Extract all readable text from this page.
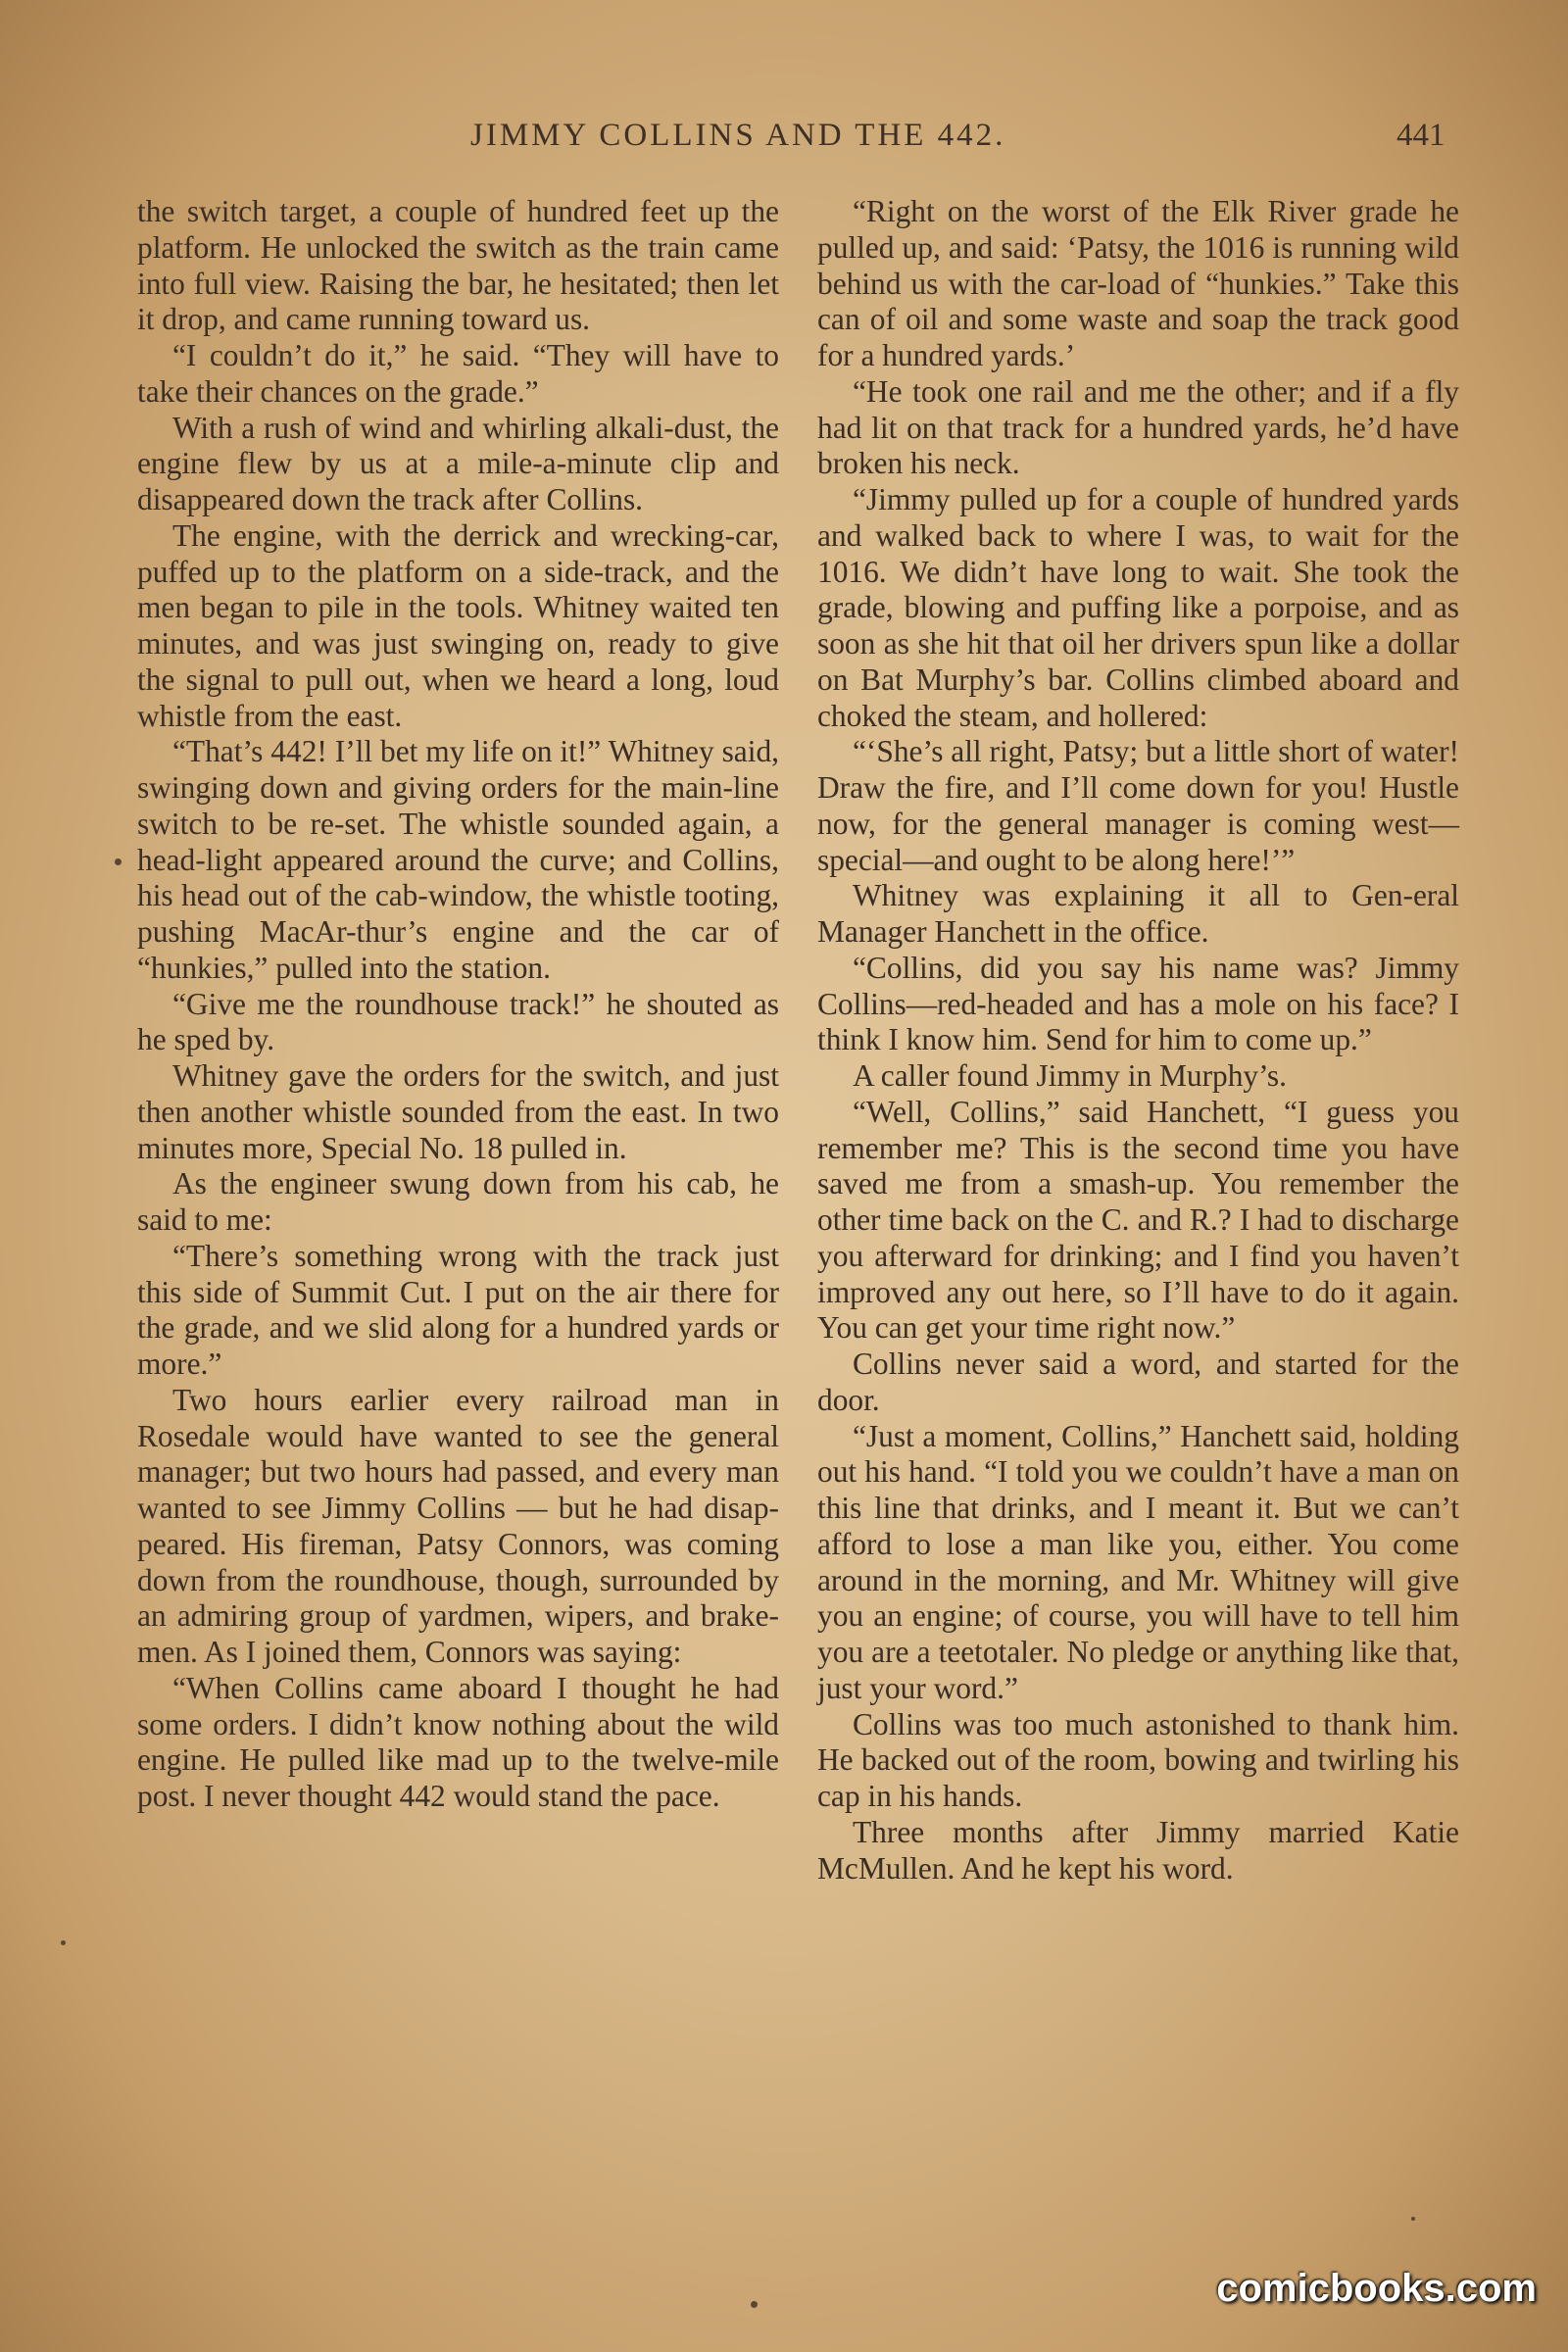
JIMMY COLLINS AND THE 442.	441

the switch target, a couple of hundred feet up the platform. He unlocked the switch as the train came into full view. Raising the bar, he hesitated; then let it drop, and came running toward us.

“I couldn’t do it,” he said. “They will have to take their chances on the grade.”

With a rush of wind and whirling alkali-dust, the engine flew by us at a mile-a-minute clip and disappeared down the track after Collins.

The engine, with the derrick and wrecking-car, puffed up to the platform on a side-track, and the men began to pile in the tools. Whitney waited ten minutes, and was just swinging on, ready to give the signal to pull out, when we heard a long, loud whistle from the east.

“That’s 442! I’ll bet my life on it!” Whitney said, swinging down and giving orders for the main-line switch to be re-set. The whistle sounded again, a head-light appeared around the curve; and Collins, his head out of the cab-window, the whistle tooting, pushing MacAr-thur’s engine and the car of “hunkies,” pulled into the station.

“Give me the roundhouse track!” he shouted as he sped by.

Whitney gave the orders for the switch, and just then another whistle sounded from the east. In two minutes more, Special No. 18 pulled in.

As the engineer swung down from his cab, he said to me:

“There’s something wrong with the track just this side of Summit Cut. I put on the air there for the grade, and we slid along for a hundred yards or more.”

Two hours earlier every railroad man in Rosedale would have wanted to see the general manager; but two hours had passed, and every man wanted to see Jimmy Collins — but he had disap-peared. His fireman, Patsy Connors, was coming down from the roundhouse, though, surrounded by an admiring group of yardmen, wipers, and brake-men. As I joined them, Connors was saying:

“When Collins came aboard I thought he had some orders. I didn’t know nothing about the wild engine. He pulled like mad up to the twelve-mile post. I never thought 442 would stand the pace.

“Right on the worst of the Elk River grade he pulled up, and said: ‘Patsy, the 1016 is running wild behind us with the car-load of “hunkies.” Take this can of oil and some waste and soap the track good for a hundred yards.’

“He took one rail and me the other; and if a fly had lit on that track for a hundred yards, he’d have broken his neck.

“Jimmy pulled up for a couple of hundred yards and walked back to where I was, to wait for the 1016. We didn’t have long to wait. She took the grade, blowing and puffing like a porpoise, and as soon as she hit that oil her drivers spun like a dollar on Bat Murphy’s bar. Collins climbed aboard and choked the steam, and hollered:

“‘She’s all right, Patsy; but a little short of water! Draw the fire, and I’ll come down for you! Hustle now, for the general manager is coming west—special—and ought to be along here!’”

Whitney was explaining it all to Gen-eral Manager Hanchett in the office.

“Collins, did you say his name was? Jimmy Collins—red-headed and has a mole on his face? I think I know him. Send for him to come up.”

A caller found Jimmy in Murphy’s.

“Well, Collins,” said Hanchett, “I guess you remember me? This is the second time you have saved me from a smash-up. You remember the other time back on the C. and R.? I had to discharge you afterward for drinking; and I find you haven’t improved any out here, so I’ll have to do it again. You can get your time right now.”

Collins never said a word, and started for the door.

“Just a moment, Collins,” Hanchett said, holding out his hand. “I told you we couldn’t have a man on this line that drinks, and I meant it. But we can’t afford to lose a man like you, either. You come around in the morning, and Mr. Whitney will give you an engine; of course, you will have to tell him you are a teetotaler. No pledge or anything like that, just your word.”

Collins was too much astonished to thank him. He backed out of the room, bowing and twirling his cap in his hands.

Three months after Jimmy married Katie McMullen. And he kept his word.

comicbooks.com
